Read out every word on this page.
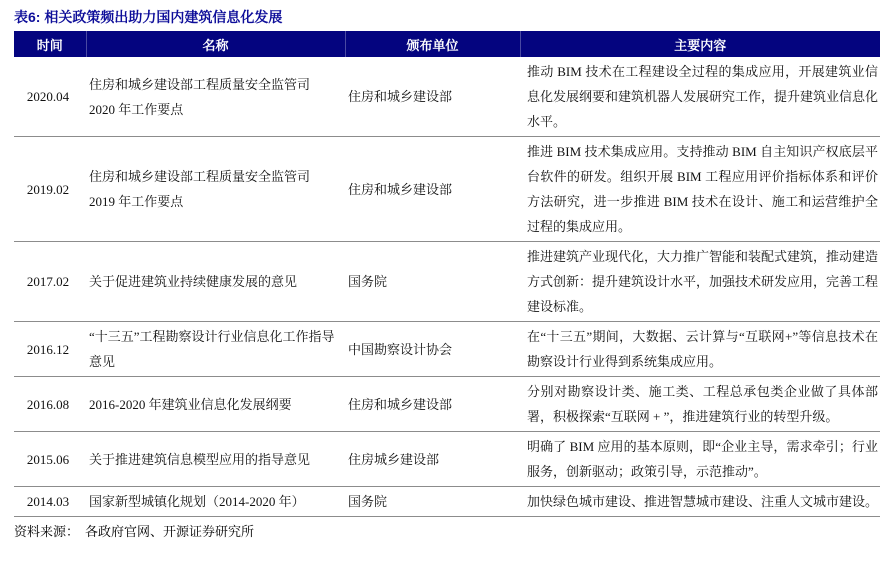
表6: 相关政策频出助力国内建筑信息化发展
时间	名称	颁布单位	主要内容
2020.04	住房和城乡建设部工程质量安全监管司 2020 年工作要点	住房和城乡建设部	推动 BIM 技术在工程建设全过程的集成应用，开展建筑业信息化发展纲要和建筑机器人发展研究工作，提升建筑业信息化水平。
2019.02	住房和城乡建设部工程质量安全监管司 2019 年工作要点	住房和城乡建设部	推进 BIM 技术集成应用。支持推动 BIM 自主知识产权底层平台软件的研发。组织开展 BIM 工程应用评价指标体系和评价方法研究，进一步推进 BIM 技术在设计、施工和运营维护全过程的集成应用。
2017.02	关于促进建筑业持续健康发展的意见	国务院	推进建筑产业现代化，大力推广智能和装配式建筑，推动建造方式创新：提升建筑设计水平，加强技术研发应用，完善工程建设标准。
2016.12	“十三五”工程勘察设计行业信息化工作指导意见	中国勘察设计协会	在“十三五”期间，大数据、云计算与“互联网+”等信息技术在勘察设计行业得到系统集成应用。
2016.08	2016-2020 年建筑业信息化发展纲要	住房和城乡建设部	分别对勘察设计类、施工类、工程总承包类企业做了具体部署，积极探索“互联网 + ”，推进建筑行业的转型升级。
2015.06	关于推进建筑信息模型应用的指导意见	住房城乡建设部	明确了 BIM 应用的基本原则，即“企业主导，需求牵引；行业服务，创新驱动；政策引导，示范推动”。
2014.03	国家新型城镇化规划（2014-2020 年）	国务院	加快绿色城市建设、推进智慧城市建设、注重人文城市建设。
资料来源： 各政府官网、开源证券研究所
